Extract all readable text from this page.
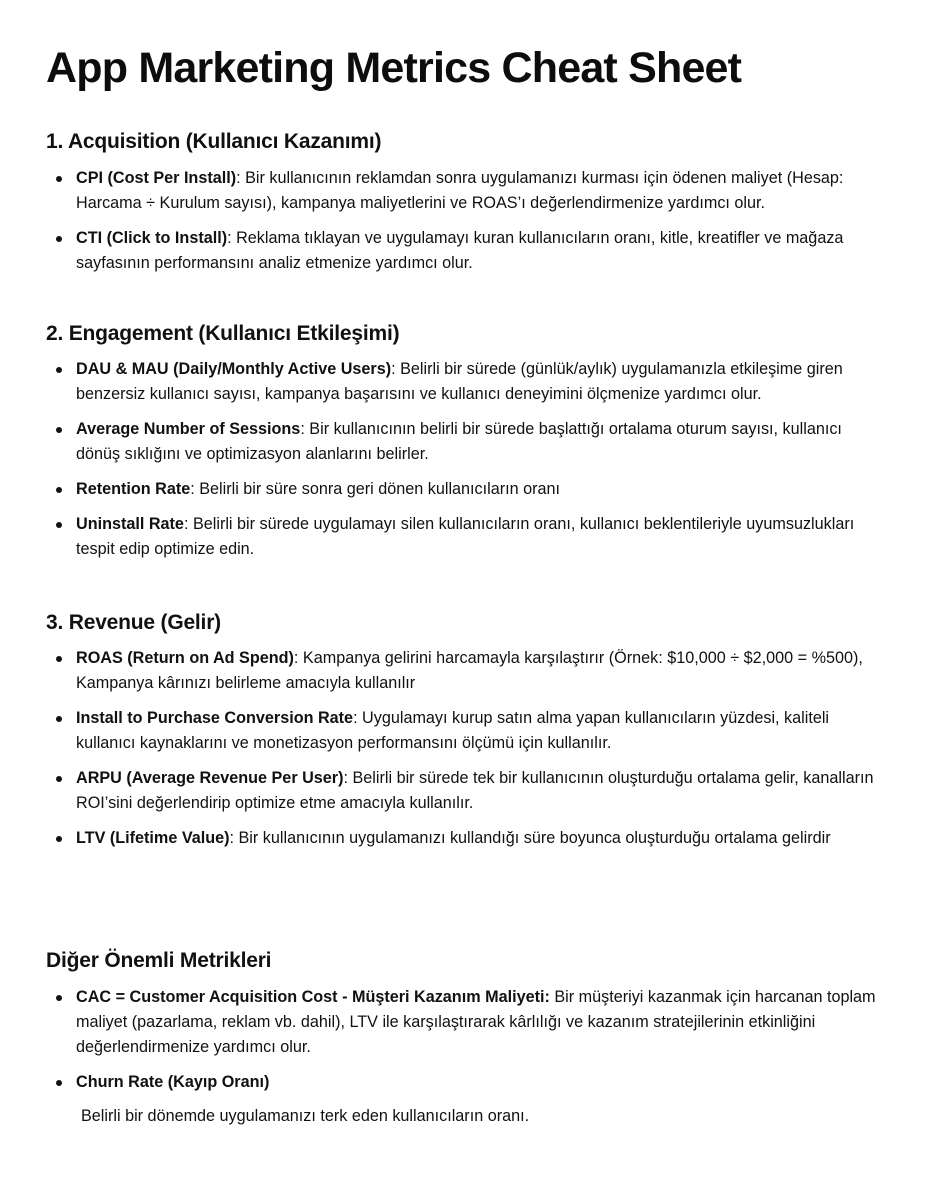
App Marketing Metrics Cheat Sheet
1. Acquisition (Kullanıcı Kazanımı)
CPI (Cost Per Install): Bir kullanıcının reklamdan sonra uygulamanızı kurması için ödenen maliyet (Hesap: Harcama ÷ Kurulum sayısı), kampanya maliyetlerini ve ROAS’ı değerlendirmenize yardımcı olur.
CTI (Click to Install): Reklama tıklayan ve uygulamayı kuran kullanıcıların oranı, kitle, kreatifler ve mağaza sayfasının performansını analiz etmenize yardımcı olur.
2. Engagement (Kullanıcı Etkileşimi)
DAU & MAU (Daily/Monthly Active Users): Belirli bir sürede (günlük/aylık) uygulamanızla etkileşime giren benzersiz kullanıcı sayısı, kampanya başarısını ve kullanıcı deneyimini ölçmenize yardımcı olur.
Average Number of Sessions: Bir kullanıcının belirli bir sürede başlattığı ortalama oturum sayısı, kullanıcı dönüş sıklığını ve optimizasyon alanlarını belirler.
Retention Rate: Belirli bir süre sonra geri dönen kullanıcıların oranı
Uninstall Rate: Belirli bir sürede uygulamayı silen kullanıcıların oranı, kullanıcı beklentileriyle uyumsuzlukları tespit edip optimize edin.
3. Revenue (Gelir)
ROAS (Return on Ad Spend): Kampanya gelirini harcamayla karşılaştırır (Örnek: $10,000 ÷ $2,000 = %500), Kampanya kârınızı belirleme amacıyla kullanılır
Install to Purchase Conversion Rate: Uygulamayı kurup satın alma yapan kullanıcıların yüzdesi, kaliteli kullanıcı kaynaklarını ve monetizasyon performansını ölçümü için kullanılır.
ARPU (Average Revenue Per User): Belirli bir sürede tek bir kullanıcının oluşturduğu ortalama gelir, kanalların ROI’sini değerlendirip optimize etme amacıyla kullanılır.
LTV (Lifetime Value): Bir kullanıcının uygulamanızı kullandığı süre boyunca oluşturduğu ortalama gelirdir
Diğer Önemli Metrikleri
CAC = Customer Acquisition Cost - Müşteri Kazanım Maliyeti: Bir müşteriyi kazanmak için harcanan toplam maliyet (pazarlama, reklam vb. dahil), LTV ile karşılaştırarak kârlılığı ve kazanım stratejilerinin etkinliğini değerlendirmenize yardımcı olur.
Churn Rate (Kayıp Oranı)
Belirli bir dönemde uygulamanızı terk eden kullanıcıların oranı.
